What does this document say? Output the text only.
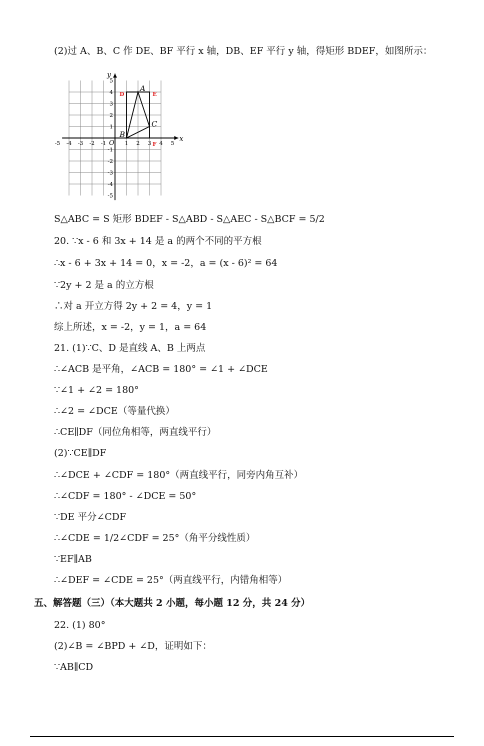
(2)过 A、B、C 作 DE、BF 平行 x 轴，DB、EF 平行 y 轴，得矩形 BDEF，如图所示：
x
y
O
-5 -4 -3 -2 -1	1 2 3 4 5
5
4
3
2
1
-1
-2
-3
-4
-5
A
B
C
D	E
F
S△ABC = S 矩形 BDEF - S△ABD - S△AEC - S△BCF = 5/2
20. ∵x - 6 和 3x + 14 是 a 的两个不同的平方根
∴x - 6 + 3x + 14 = 0，x = -2，a = (x - 6)² = 64
∵2y + 2 是 a 的立方根
∴对 a 开立方得 2y + 2 = 4，y = 1
综上所述，x = -2，y = 1，a = 64
21. (1)∵C、D 是直线 A、B 上两点
∴∠ACB 是平角，∠ACB = 180° = ∠1 + ∠DCE
∵∠1 + ∠2 = 180°
∴∠2 = ∠DCE（等量代换）
∴CE∥DF（同位角相等，两直线平行）
(2)∵CE∥DF
∴∠DCE + ∠CDF = 180°（两直线平行，同旁内角互补）
∴∠CDF = 180° - ∠DCE = 50°
∵DE 平分∠CDF
∴∠CDE = 1/2∠CDF = 25°（角平分线性质）
∵EF∥AB
∴∠DEF = ∠CDE = 25°（两直线平行，内错角相等）
五、解答题（三）（本大题共 2 小题，每小题 12 分，共 24 分）
22. (1) 80°
(2)∠B = ∠BPD + ∠D，证明如下：
∵AB∥CD
